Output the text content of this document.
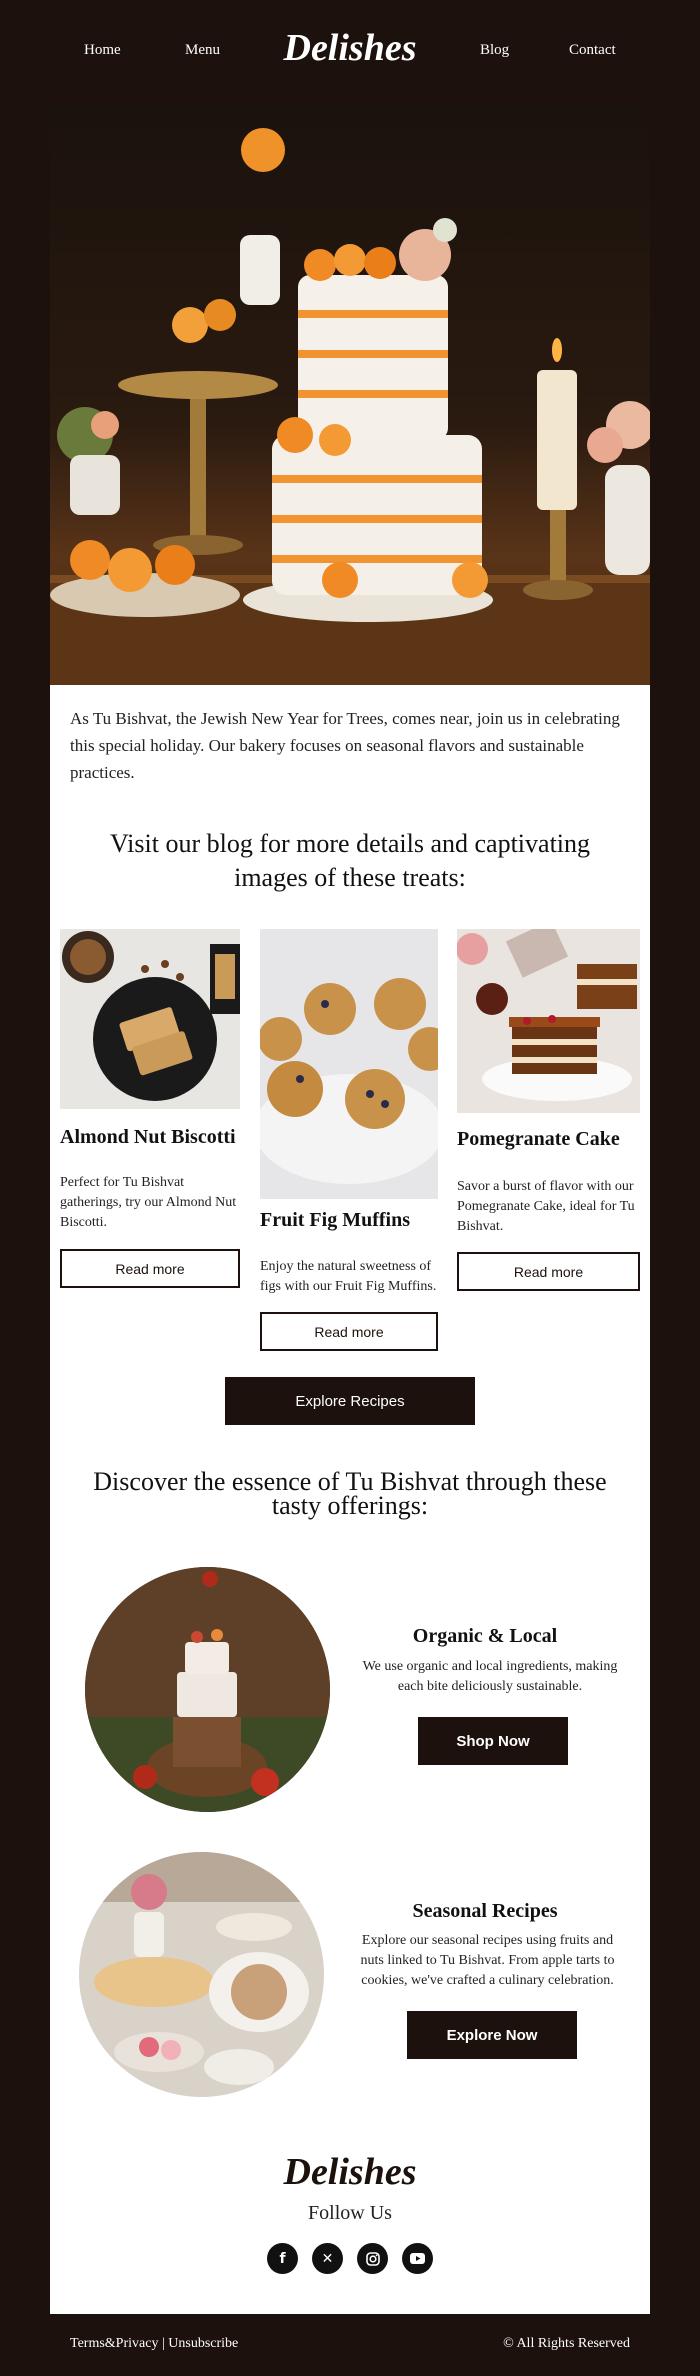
Home	Menu	Delishes	Blog	Contact

As Tu Bishvat, the Jewish New Year for Trees, comes near, join us in celebrating this special holiday. Our bakery focuses on seasonal flavors and sustainable practices.

Visit our blog for more details and captivating images of these treats:
Almond Nut Biscotti
Perfect for Tu Bishvat gatherings, try our Almond Nut Biscotti.
Read more
Fruit Fig Muffins
Enjoy the natural sweetness of figs with our Fruit Fig Muffins.
Read more
Pomegranate Cake
Savor a burst of flavor with our Pomegranate Cake, ideal for Tu Bishvat.
Read more
Explore Recipes
Discover the essence of Tu Bishvat through these tasty offerings:
Organic & Local
We use organic and local ingredients, making each bite deliciously sustainable.
Shop Now
Seasonal Recipes
Explore our seasonal recipes using fruits and nuts linked to Tu Bishvat. From apple tarts to cookies, we've crafted a culinary celebration.
Explore Now
Delishes
Follow Us
f	✕
Terms&Privacy | Unsubscribe	© All Rights Reserved
